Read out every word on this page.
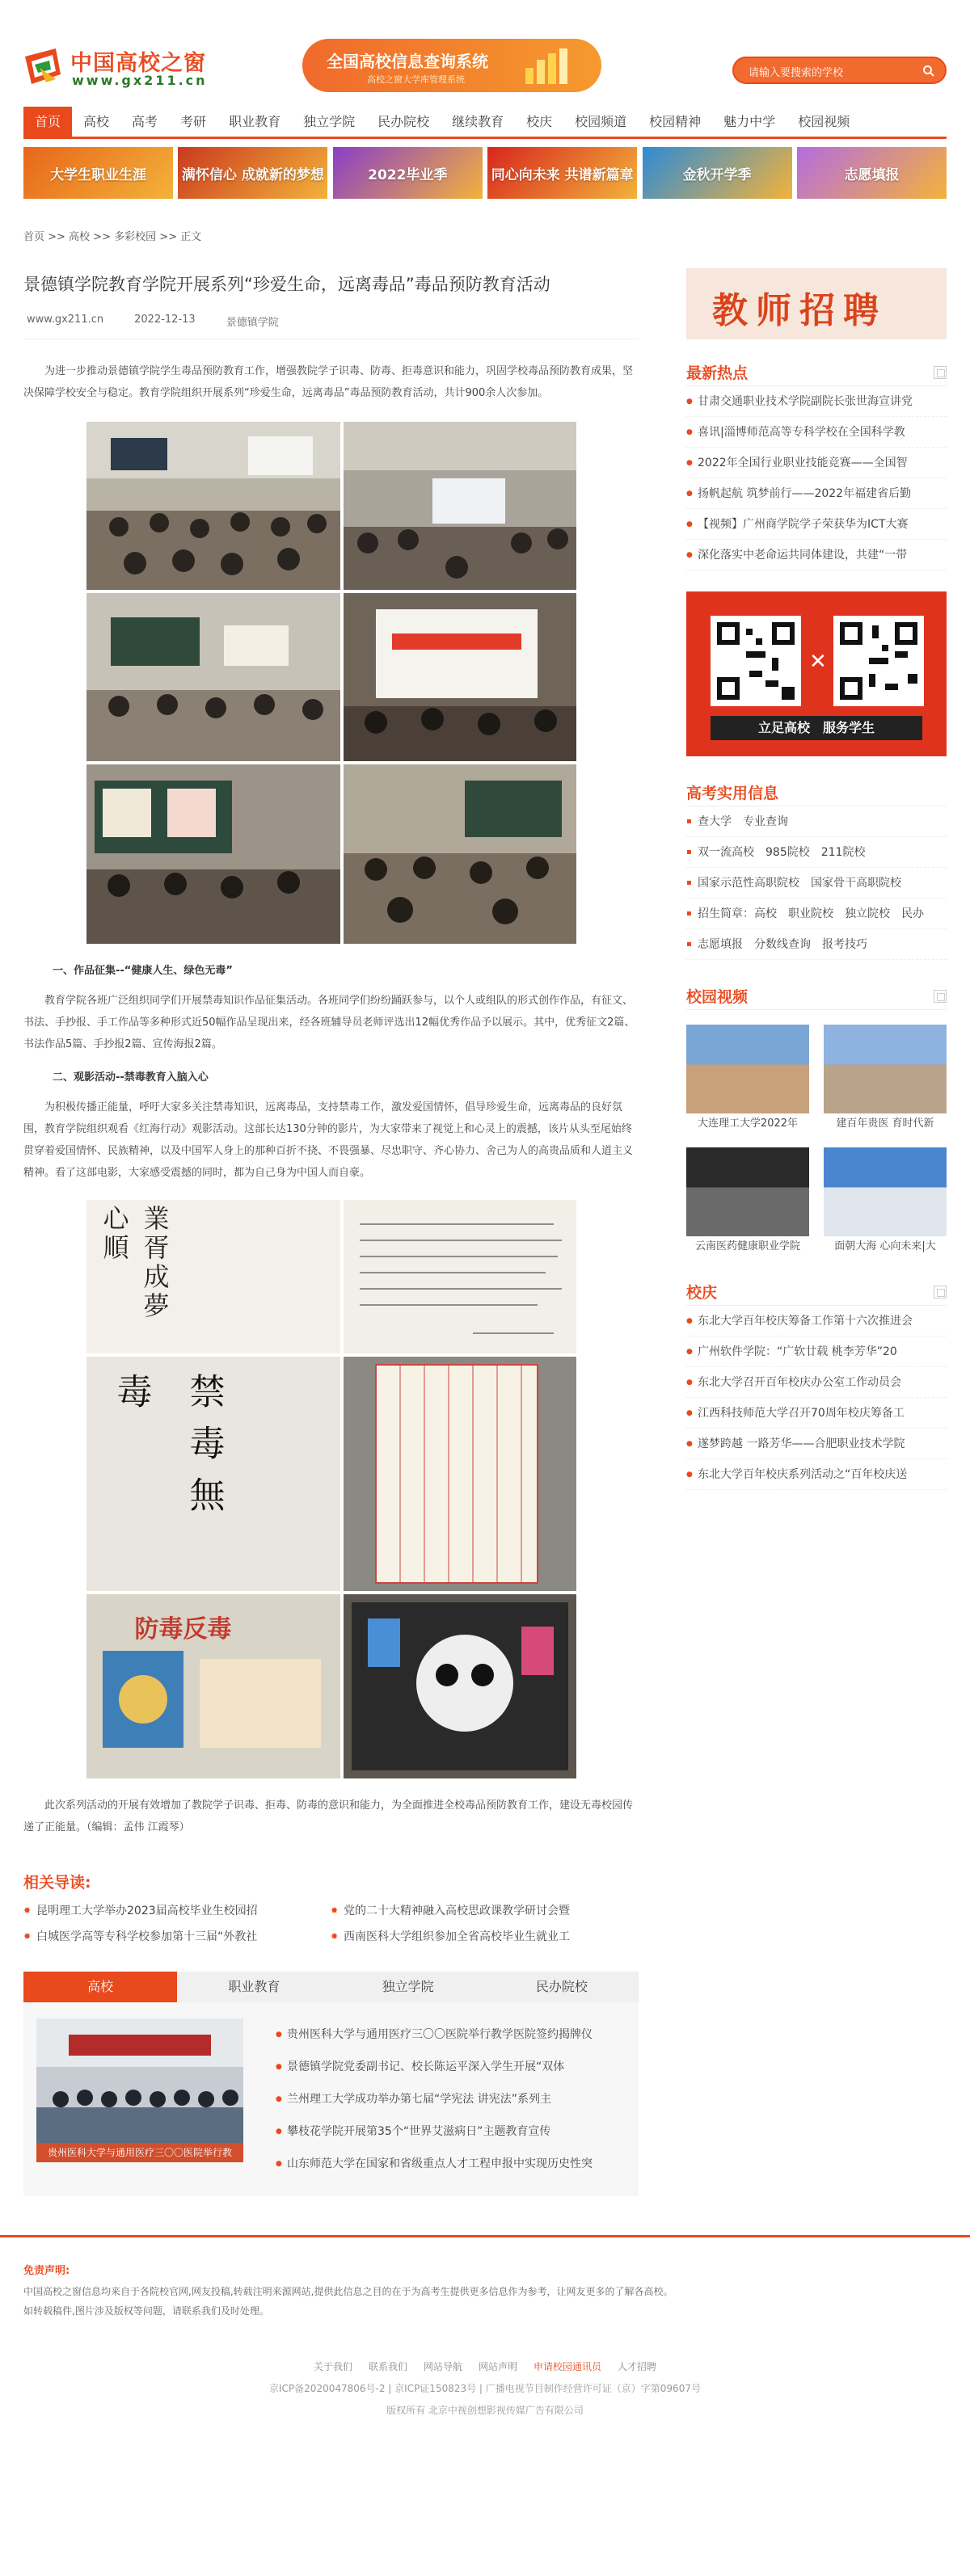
中国高校之窗
www.gx211.cn
全国高校信息查询系统
高校之窗大学库管理系统
请输入要搜索的学校
首页	高校	高考	考研	职业教育	独立学院	民办院校	继续教育	校庆	校园频道	校园精神	魅力中学	校园视频
大学生职业生涯	满怀信心 成就新的梦想	2022毕业季	同心向未来 共谱新篇章	金秋开学季	志愿填报
首页 >> 高校 >> 多彩校园 >> 正文
景德镇学院教育学院开展系列“珍爱生命，远离毒品”毒品预防教育活动
www.gx211.cn	2022-12-13	景德镇学院

为进一步推动景德镇学院学生毒品预防教育工作，增强教院学子识毒、防毒、拒毒意识和能力，巩固学校毒品预防教育成果，坚决保障学校安全与稳定。教育学院组织开展系列“珍爱生命，远离毒品”毒品预防教育活动，共计900余人次参加。

一、作品征集--“健康人生、绿色无毒”

教育学院各班广泛组织同学们开展禁毒知识作品征集活动。各班同学们纷纷踊跃参与，以个人或组队的形式创作作品，有征文、书法、手抄报、手工作品等多种形式近50幅作品呈现出来，经各班辅导员老师评选出12幅优秀作品予以展示。其中，优秀征文2篇、书法作品5篇、手抄报2篇、宣传海报2篇。

二、观影活动--禁毒教育入脑入心

为积极传播正能量，呼吁大家多关注禁毒知识，远离毒品，支持禁毒工作，激发爱国情怀，倡导珍爱生命，远离毒品的良好氛围，教育学院组织观看《红海行动》观影活动。这部长达130分钟的影片，为大家带来了视觉上和心灵上的震撼，该片从头至尾始终贯穿着爱国情怀、民族精神，以及中国军人身上的那种百折不挠、不畏强暴、尽忠职守、齐心协力、舍己为人的高贵品质和人道主义精神。看了这部电影，大家感受震撼的同时，都为自己身为中国人而自豪。

業胥成夢心順
禁毒無毒
防毒反毒

此次系列活动的开展有效增加了教院学子识毒、拒毒、防毒的意识和能力，为全面推进全校毒品预防教育工作，建设无毒校园传递了正能量。（编辑：孟伟 江霞琴）

相关导读:
✸ 昆明理工大学举办2023届高校毕业生校园招	✸ 党的二十大精神融入高校思政课教学研讨会暨
✸ 白城医学高等专科学校参加第十三届“外教社	✸ 西南医科大学组织参加全省高校毕业生就业工
高校	职业教育	独立学院	民办院校
贵州医科大学与通用医疗三〇〇医院举行教
● 贵州医科大学与通用医疗三〇〇医院举行教学医院签约揭牌仪
● 景德镇学院党委副书记、校长陈运平深入学生开展“双体
● 兰州理工大学成功举办第七届“学宪法 讲宪法”系列主
● 攀枝花学院开展第35个“世界艾滋病日”主题教育宣传
● 山东师范大学在国家和省级重点人才工程申报中实现历史性突
教师招聘
最新热点
● 甘肃交通职业技术学院副院长张世海宣讲党
● 喜讯|淄博师范高等专科学校在全国科学教
● 2022年全国行业职业技能竞赛——全国智
● 扬帆起航 筑梦前行——2022年福建省后勤
● 【视频】广州商学院学子荣获华为ICT大赛
● 深化落实中老命运共同体建设，共建“一带
✕
立足高校　服务学生
高考实用信息
▪ 查大学 专业查询
▪ 双一流高校 985院校 211院校
▪ 国家示范性高职院校 国家骨干高职院校
▪ 招生简章：高校 职业院校 独立院校 民办
▪ 志愿填报 分数线查询 报考技巧
校园视频
大连理工大学2022年	建百年贵医 育时代新
云南医药健康职业学院	面朝大海 心向未来|大
校庆
● 东北大学百年校庆筹备工作第十六次推进会
● 广州软件学院：“广软廿载 桃李芳华”20
● 东北大学召开百年校庆办公室工作动员会
● 江西科技师范大学召开70周年校庆筹备工
● 遂梦跨越 一路芳华——合肥职业技术学院
● 东北大学百年校庆系列活动之“百年校庆送
免责声明:
中国高校之窗信息均来自于各院校官网,网友投稿,转载注明来源网站,提供此信息之目的在于为高考生提供更多信息作为参考，让网友更多的了解各高校。
如转载稿件,图片涉及版权等问题，请联系我们及时处理。
关于我们 联系我们 网站导航 网站声明 申请校园通讯员 人才招聘
京ICP备2020047806号-2 | 京ICP证150823号 | 广播电视节目制作经营许可证（京）字第09607号
版权所有 北京中视创想影视传媒广告有限公司
